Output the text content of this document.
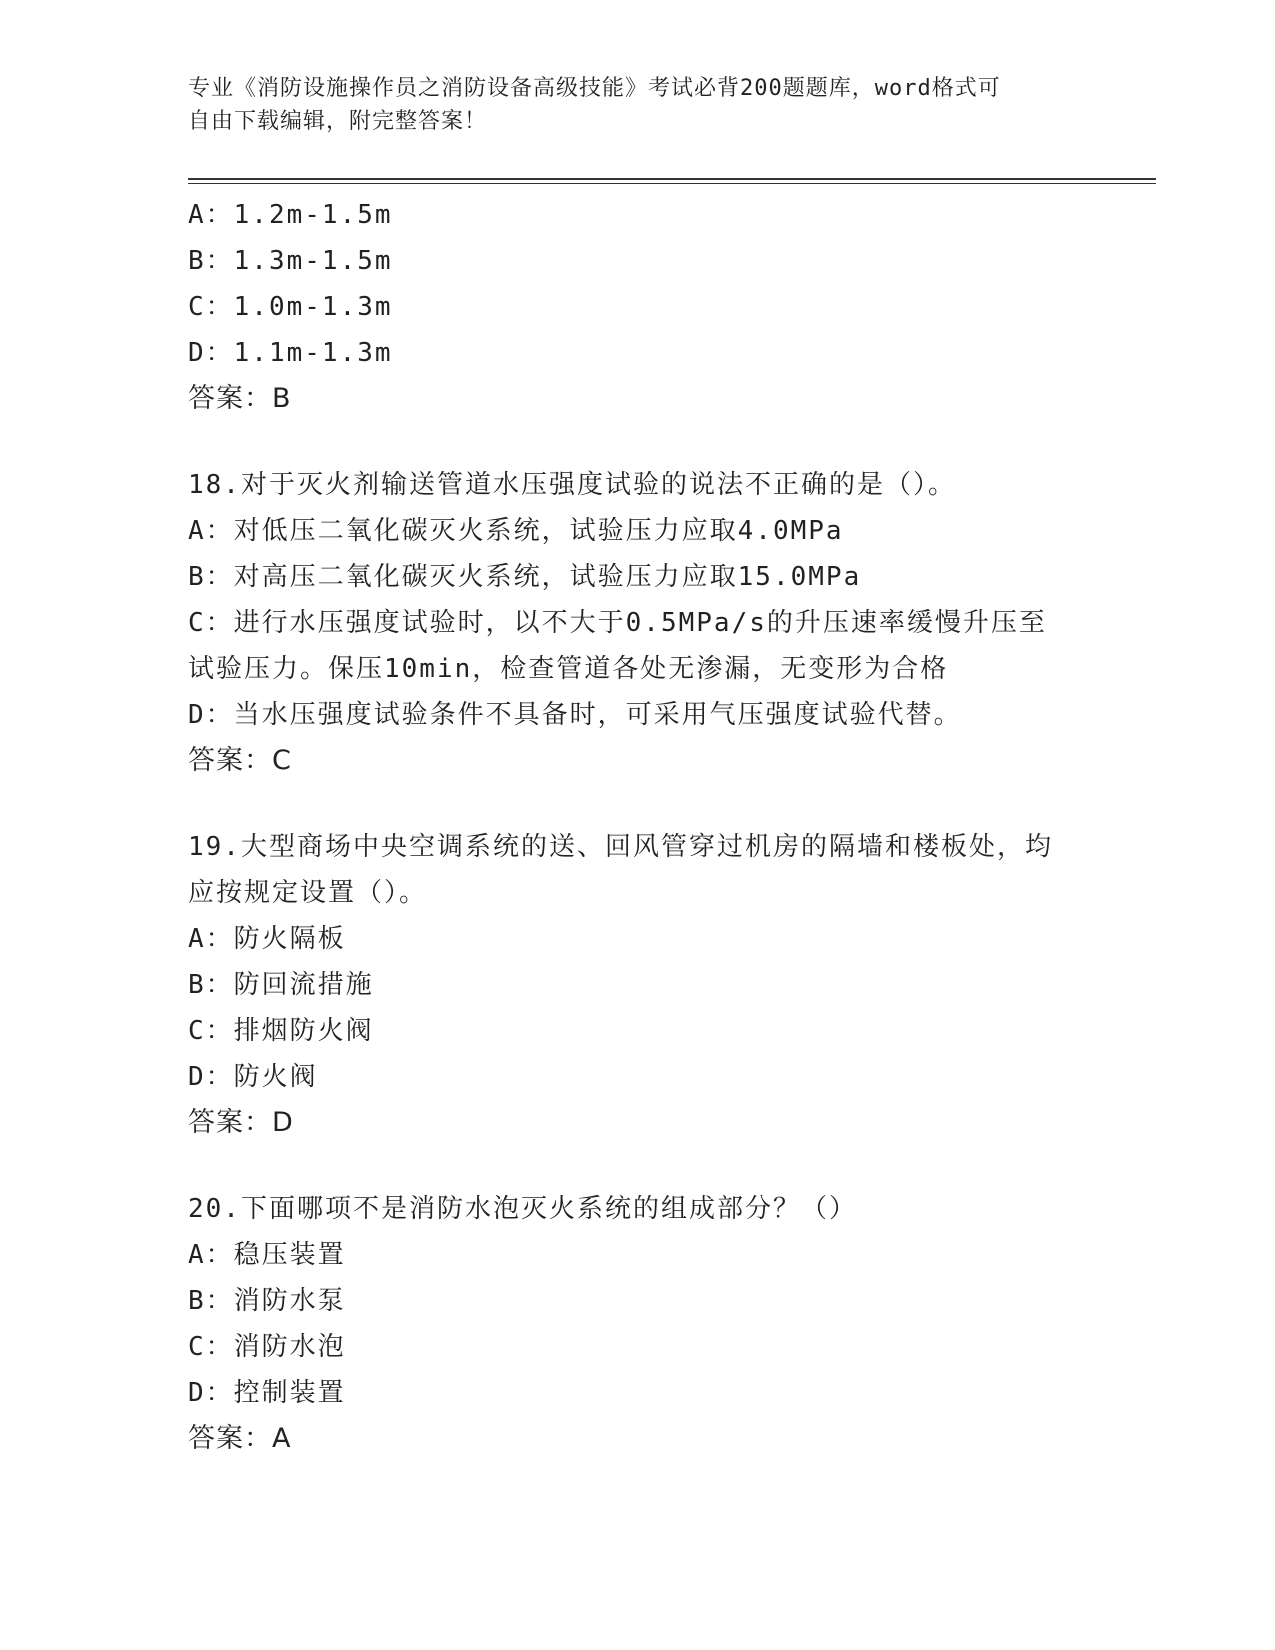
专业《消防设施操作员之消防设备高级技能》考试必背200题题库，word格式可
自由下载编辑，附完整答案！
A：1.2m-1.5m
B：1.3m-1.5m
C：1.0m-1.3m
D：1.1m-1.3m
答案：B
18.对于灭火剂输送管道水压强度试验的说法不正确的是（）。
A：对低压二氧化碳灭火系统，试验压力应取4.0MPa
B：对高压二氧化碳灭火系统，试验压力应取15.0MPa
C：进行水压强度试验时，以不大于0.5MPa/s的升压速率缓慢升压至
试验压力。保压10min，检查管道各处无渗漏，无变形为合格
D：当水压强度试验条件不具备时，可采用气压强度试验代替。
答案：C
19.大型商场中央空调系统的送、回风管穿过机房的隔墙和楼板处，均
应按规定设置（）。
A：防火隔板
B：防回流措施
C：排烟防火阀
D：防火阀
答案：D
20.下面哪项不是消防水泡灭火系统的组成部分？（）
A：稳压装置
B：消防水泵
C：消防水泡
D：控制装置
答案：A
